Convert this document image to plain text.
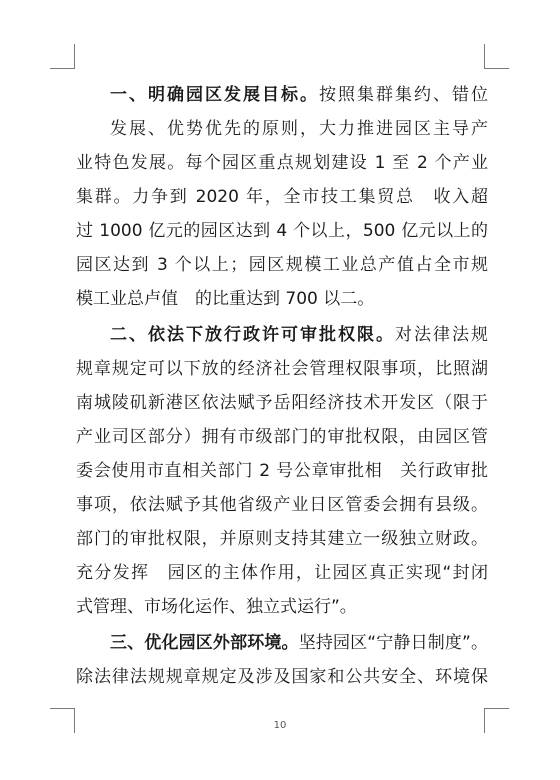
一、明确园区发展目标。按照集群集约、错位
发展、优势优先的原则，大力推进园区主导产
业特色发展。每个园区重点规划建设 1 至 2 个产业
集群。力争到 2020 年，全市技工集贸总　收入超
过 1000 亿元的园区达到 4 个以上，500 亿元以上的
园区达到 3 个以上；园区规模工业总产值占全市规
模工业总卢值　的比重达到 700 以二。
二、依法下放行政许可审批权限。对法律法规
规章规定可以下放的经济社会管理权限事项，比照湖
南城陵矶新港区依法赋予岳阳经济技术开发区（限于
产业司区部分）拥有市级部门的审批权限，由园区管
委会使用市直相关部门 2 号公章审批相　关行政审批
事项，依法赋予其他省级产业日区管委会拥有县级。
部门的审批权限，并原则支持其建立一级独立财政。
充分发挥　园区的主体作用，让园区真正实现“封闭
式管理、市场化运作、独立式运行”。
三、优化园区外部环境。坚持园区“宁静日制度”。
除法律法规规章规定及涉及国家和公共安全、环境保
10
